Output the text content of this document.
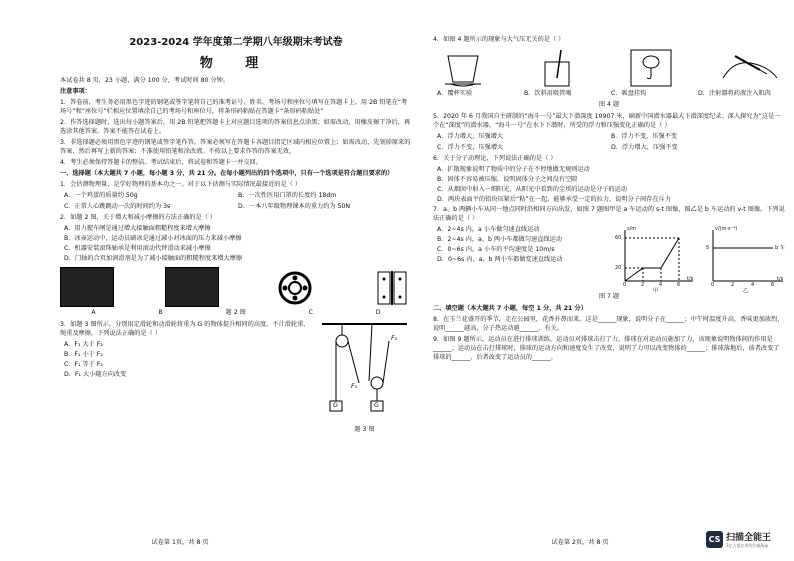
2023-2024 学年度第二学期八年级期末考试卷
物 理
本试卷共 8 页，23 小题，满分 100 分，考试时间 80 分钟。
注意事项：
1．答卷前，考生务必用黑色字迹的钢笔或签字笔将自己的准考证号、姓名、考场号和座位号填写在答题卡上。用 2B 铅笔在“考场号”和“座位号”栏相应位置填涂自己的考场号和座位号，将条形码粘贴在答题卡“条形码粘贴处”
2．作答选择题时，选出每小题答案后，用 2B 铅笔把答题卡上对应题目选项的答案信息点涂黑；如需改动，用橡皮擦干净后，再选涂其他答案。答案不能答在试卷上。
3．非选择题必须用黑色字迹的钢笔或签字笔作答，答案必须写在答题卡各题目指定区域内相应位置上；如需改动，先划掉原来的答案，然后再写上新的答案；不准使用铅笔和涂改液。不按以上要求作答的答案无效。
4．考生必须保持答题卡的整洁。考试结束后，将试卷和答题卡一并交回。
一、选择题（本大题共 7 小题，每小题 3 分，共 21 分。在每小题列出的四个选项中，只有一个选项是符合题目要求的）
1．会估测物理量，是学好物理的基本功之一。对于以下估测与实际情况最接近的是（ ）
A．一个鸡蛋的质量约 50g	B．一次性医用口罩的长度约 18dm
C．正常人心跳跳动一次的时间约为 3s	D．一本八年级物理课本的重力约为 50N
2．如题 2 图，关于增大和减小摩擦的方法正确的是（ ）
A．用力握车闸是通过增大接触面粗糙程度来增大摩擦
B．冰壶运动中，运动员刷冰是通过减小对冰面的压力来减小摩擦
C．机器安装滚珠轴承是利用滚动代替滑动来减小摩擦
D．门轴的合页加润滑剂是为了减小接触面的粗糙程度来增大摩擦
A	B	题 2 图	C	D
3．如题 3 图所示，分别用定滑轮和动滑轮将重为 G 的物体提升相同的高度，不计滑轮重、绳重及摩擦，下列说法正确的是（ ）
A．F₁ 大于 F₂
B．F₁ 小于 F₂
C．F₁ 等于 F₂
D．F₁ 大小随方向改变
F₁
F₂
G	G
题 3 图
4．如图 4 题所示的现象与大气压无关的是（ ）
A．覆杯实验	B．饮料用吸管喝	C．吸盘挂钩	D．注射器将药液注入肌肉
图 4 题
5．2020 年 6 月我国自主研制的“海斗一号”最大下潜深度 10907 米，刷新中国潜水器最大下潜深度纪录。深入探究为“这是一个在“深度”的潜水器，“海斗一号”在水下下潜时，所受的浮力和压强变化正确的是（ ）
A．浮力增大，压强增大	B．浮力不变，压强不变
C．浮力不变，压强增大	D．浮力增大，压强不变
6．关于分子动理论，下列说法正确的是（ ）
A．扩散现象说明了物质中的分子在不停地做无规则运动
B．固体不容易被压缩，说明固体分子之间没有空隙
C．从烟囱中射入一细阳光，从阳光中看到的尘埃的运动是分子的运动
D．两块表面平的铅块压紧后“粘”在一起，能够承受一定的拉力，说明分子间存在斥力
7．a、b 两辆小车从同一地点同时沿相同方向出发，如图 7 题图甲是 a 车运动的 s-t 图像，图乙是 b 车运动的 v-t 图像。下列说法正确的是（ ）
A．2~4s 内，a 小车做匀速直线运动
B．2~4s 内，a、b 两小车都做匀速直线运动
C．0~6s 内，a 小车的平均速度是 10m/s
D．0~6s 内，a、b 两小车都做变速直线运动
s/m
60
20
0	2	4	6
t/s
甲
v/(m·s⁻¹)
5	b 车
0	2	4	6
t/s
乙
图 7 题
二、填空题（本大题共 7 小题，每空 1 分，共 21 分）
8．在玉兰花盛开的季节，走在公园里，花香扑鼻而来。这是______现象，说明分子在______；中午时温度升高，香味更加浓烈，说明______越高，分子热运动越______，有关。
9．如图 9 题所示，运动员在进行排球训练，运动员对排球击打了力，排球在对运动员施加了力，该现象说明物体间的作用是______；运动员在击打排球时，排球的运动方向和速度发生了改变，说明了力可以改变物体的______；排球落地后，前者改变了排球的______，后者改变了运动员的______。
试卷第 1页，共 8 页	试卷第 2页，共 8 页	CS 扫描全能王
3亿人都在用的扫描App
